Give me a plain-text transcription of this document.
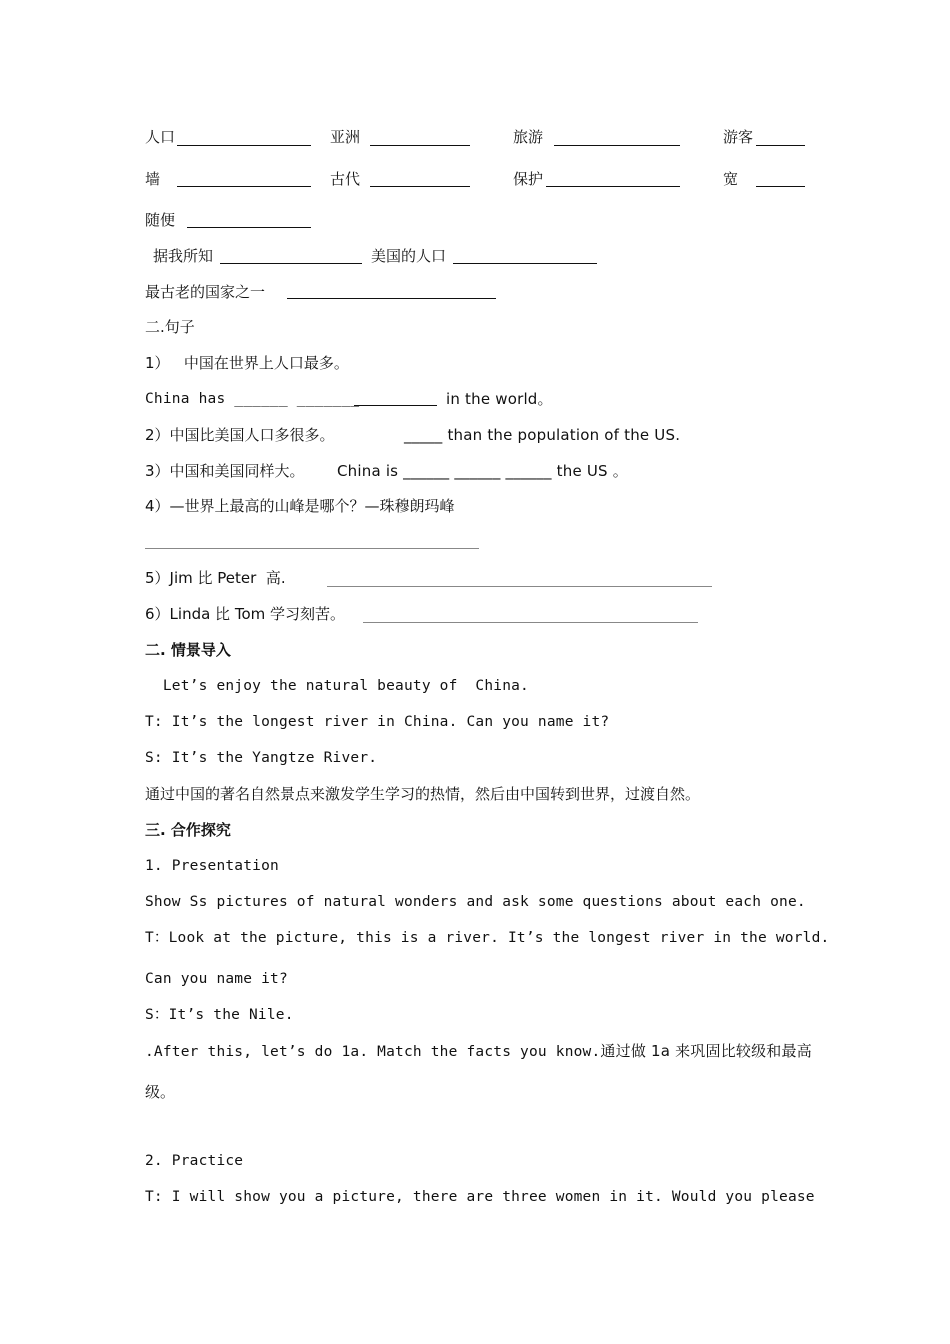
人口	亚洲	旅游	游客
墙	古代	保护	宽
随便
据我所知	美国的人口
最古老的国家之一
二.句子
1）   中国在世界上人口最多。
China has ______ _______	in the world。
2）中国比美国人口多很多。	_____ than the population of the US.
3）中国和美国同样大。 China is ______ ______ ______ the US 。
4）—世界上最高的山峰是哪个？—珠穆朗玛峰
5）Jim 比 Peter  高.
6）Linda 比 Tom 学习刻苦。
二. 情景导入
Let’s enjoy the natural beauty of  China.
T: It’s the longest river in China. Can you name it?
S: It’s the Yangtze River.
通过中国的著名自然景点来激发学生学习的热情，然后由中国转到世界，过渡自然。
三. 合作探究
1. Presentation
Show Ss pictures of natural wonders and ask some questions about each one.
T：Look at the picture, this is a river. It’s the longest river in the world.
Can you name it?
S：It’s the Nile.
.After this, let’s do 1a. Match the facts you know.通过做 1a 来巩固比较级和最高
级。
2. Practice
T: I will show you a picture, there are three women in it. Would you please
